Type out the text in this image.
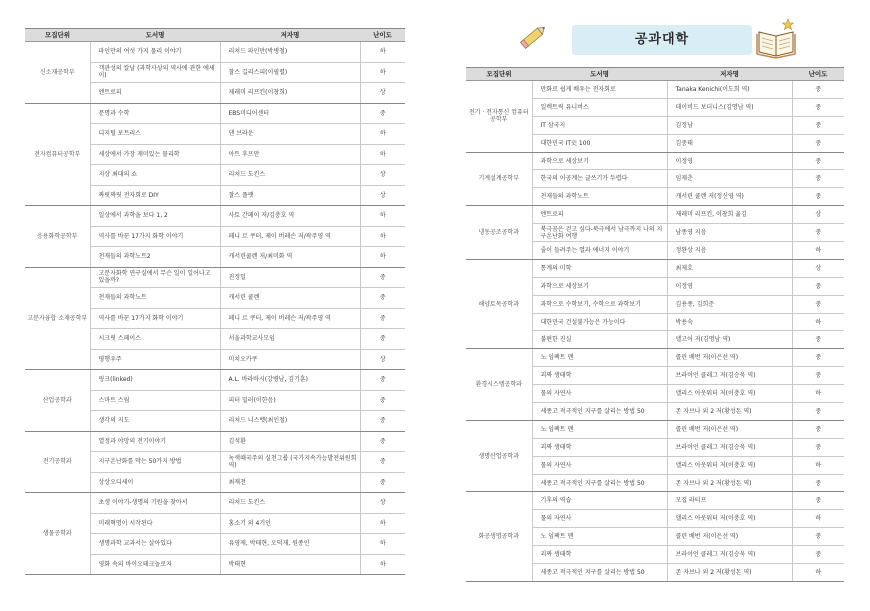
모집단위	도서명	저자명	난이도
신소재공학부	파인만의 여섯 가지 물리 이야기	리처드 파인만(박병철)	하
	객관성의 칼날 (과학사상의 역사에 관한 에세이)	찰스 길리스피(이필렬)	하
	엔트로피	제레미 리프킨(이창희)	상
전자컴퓨터공학부	문명과 수학	EBS미디어센터	중
	디지털 포트리스	댄 브라운	하
	세상에서 가장 재미있는 물리학	아트 후프만	하
	지상 최대의 쇼	리처드 도킨스	상
	짜릿짜릿 전자회로 DIY	찰스 플랫	상
응용화학공학부	일상에서 과학을 보다 1, 2	사토 간페이 저/김충호 역	하
	역사를 바꾼 17가지 화학 이야기	페니 르 쿠터, 제이 버레슨 저/곽주영 역	하
	천재들의 과학노트2	캐서린쿨렌 저/최미화 역	하
고분자융합 소재공학부	고분자화학 연구실에서 무슨 일이 일어나고 있을까?	진정일	중
	천재들의 과학노트	캐서린 쿨렌	중
	역사를 바꾼 17가지 화학 이야기	페니 르 쿠터, 제이 버레슨 저/곽주영 역	중
	시크릿 스페이스	서울과학교사모임	중
	평행우주	미치오카쿠	상
산업공학과	링크(linked)	A.L. 바라바시(강병남, 김기훈)	중
	스마트 스웜	피터 밀러(이한음)	중
	생각의 지도	리처드 니스벳(최인철)	중
전기공학과	열정과 야망의 전기이야기	김석환	중
	지구온난화를 막는 50가지 방법	녹색때국주의 실천그룹 (국가지속가능발전위원회 역)	중
	상상오디세이	최재천	중
생물공학과	초생 이야기-생명의 기원을 찾아서	리처드 도킨스	상
	미래혁명이 시작된다	홍소기 외 4기인	하
	생명과학 교과서는 살아있다	유영제, 박태현, 오덕재, 원종인	하
	영화 속의 바이오테크놀로지	박태현	하
공과대학
모집단위	도서명	저자명	난이도
전기 · 전자통신 컴퓨터공학부	만화로 쉽게 배우는 전자회로	Tanaka Kenichi(이도희 역)	중
	일렉트릭 유니버스	데이비드 보더니스(김명남 역)	중
	IT 삼국지	김정남	중
	대한민국 IT史 100	김중태	중
기계설계공학부	과학으로 세상보기	이정영	중
	한국의 이공계는 글쓰기가 두렵다	임재춘	중
	천재들의 과학노트	캐서린 쿨렌 저(정신영 역)	중
냉동공조공학과	엔트로피	제레미 리프킨, 이창희 옮김	상
	북극곰은 걷고 싶다-북극에서 남극까지 나의 지구온난화 여행	남종영 지음	중
	줄이 들려주는 열과 에너지 이야기	정완상 지음	하
해양토목공학과	통계의 미학	최제호	상
	과학으로 세상보기	이정영	중
	과학으로 수학보기, 수학으로 과학보기	김용종, 김희준	중
	대한민국 건설불가능은 가능이다	박용숙	하
	불편한 진실	앨고어 저(김명남 역)	중
환경시스템공학과	노 임팩트 맨	콜린 베번 저(이은선 역)	중
	괴짜 생태학	브라이언 클레그 저(김승욱 역)	중
	물의 자연사	앨리스 아웃워터 저(이충호 역)	하
	세종고 적극적인 지구를 살리는 방법 50	존 자브나 외 2 저(황성돈 역)	중
생명산업공학과	노 임팩트 맨	콜린 베번 저(이은선 역)	중
	괴짜 생태학	브라이언 클레그 저(김승욱 역)	중
	물의 자연사	앨리스 아웃워터 저(이충호 역)	하
	세종고 적극적인 지구를 살리는 방법 50	존 자브나 외 2 저(황성돈 역)	중
화공생명공학과	기후의 역습	모집 라티프	중
	물의 자연사	앨리스 아웃워터 저(이충호 역)	하
	노 임팩트 맨	콜린 베번 저(이은선 역)	중
	괴짜 생태학	브라이언 클레그 저(김승욱 역)	중
	세종고 적극적인 지구를 살리는 방법 50	존 자브나 외 2 저(황성돈 역)	하
